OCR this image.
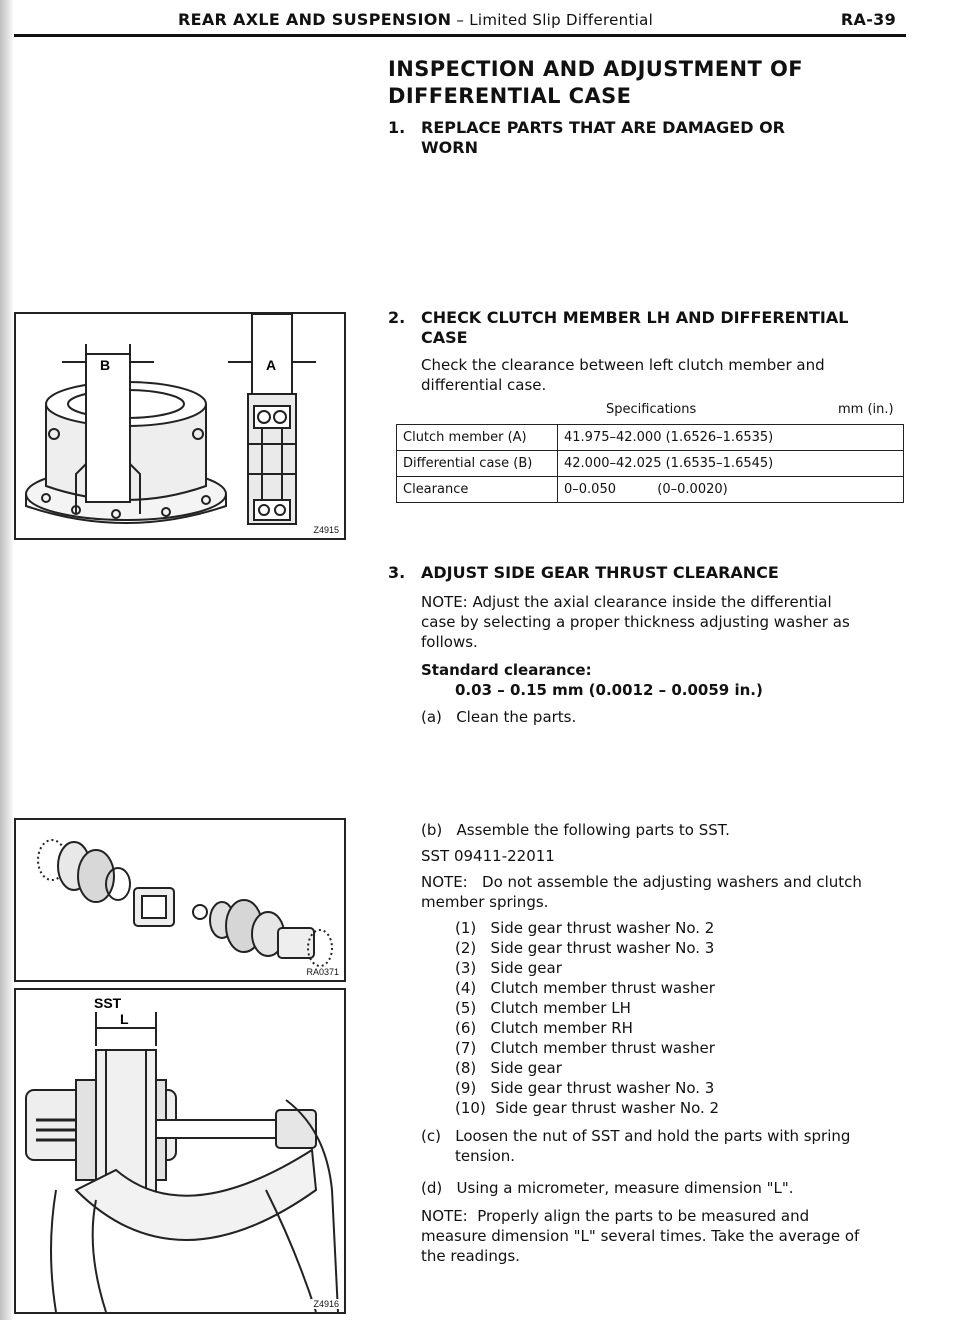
REAR AXLE AND SUSPENSION – Limited Slip Differential	RA-39
INSPECTION AND ADJUSTMENT OF
DIFFERENTIAL CASE
1. REPLACE PARTS THAT ARE DAMAGED OR
WORN
B	A
Z4915
2. CHECK CLUTCH MEMBER LH AND DIFFERENTIAL
CASE
Check the clearance between left clutch member and
differential case.
Specifications	mm (in.)
Clutch member (A)	41.975–42.000 (1.6526–1.6535)
Differential case (B)	42.000–42.025 (1.6535–1.6545)
Clearance	0–0.050          (0–0.0020)
3. ADJUST SIDE GEAR THRUST CLEARANCE
NOTE: Adjust the axial clearance inside the differential
case by selecting a proper thickness adjusting washer as
follows.
Standard clearance:
0.03 – 0.15 mm (0.0012 – 0.0059 in.)
(a)   Clean the parts.
RA0371
SST
L
Z4916
(b)   Assemble the following parts to SST.
SST 09411-22011
NOTE:   Do not assemble the adjusting washers and clutch
member springs.
(1)   Side gear thrust washer No. 2
(2)   Side gear thrust washer No. 3
(3)   Side gear
(4)   Clutch member thrust washer
(5)   Clutch member LH
(6)   Clutch member RH
(7)   Clutch member thrust washer
(8)   Side gear
(9)   Side gear thrust washer No. 3
(10)  Side gear thrust washer No. 2
(c)   Loosen the nut of SST and hold the parts with spring
tension.
(d)   Using a micrometer, measure dimension "L".
NOTE:  Properly align the parts to be measured and
measure dimension "L" several times. Take the average of
the readings.
